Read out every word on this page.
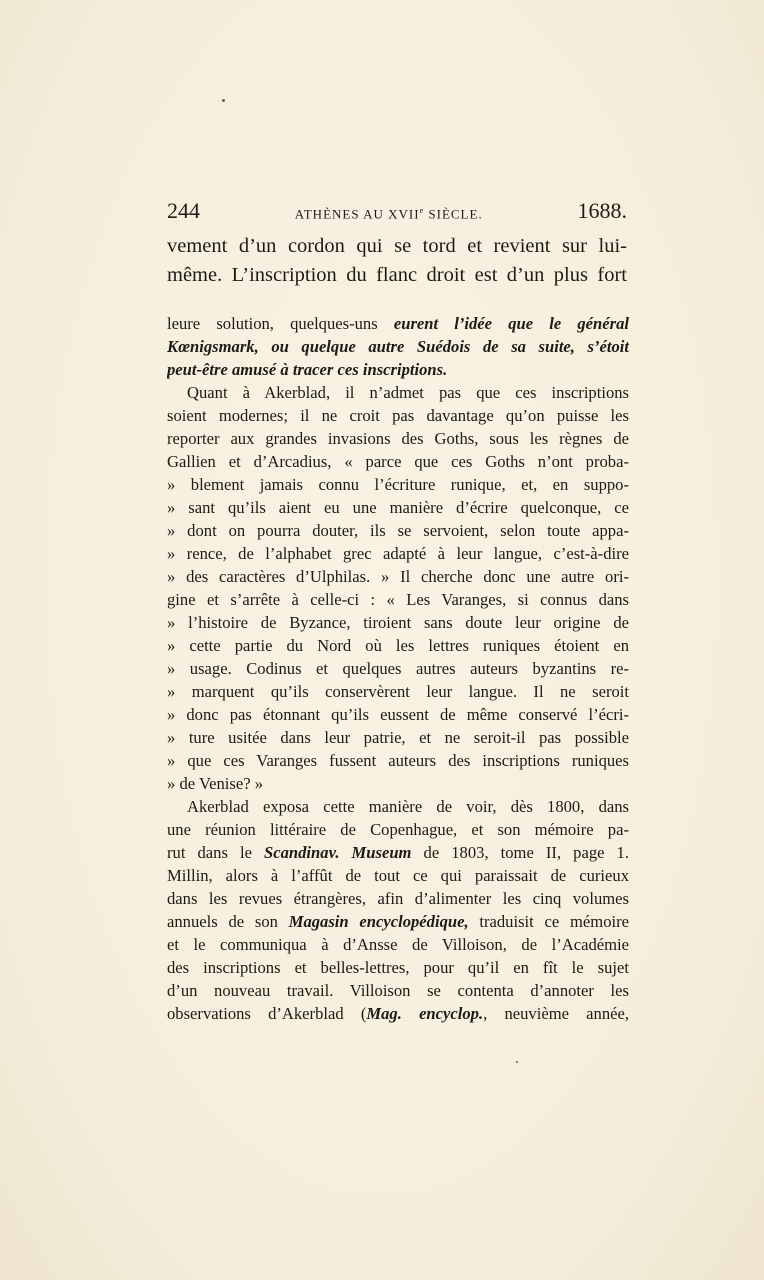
244	ATHÈNES AU XVIIe SIÈCLE.	1688.
vement d’un cordon qui se tord et revient sur lui-
même. L’inscription du flanc droit est d’un plus fort
leure solution, quelques-uns eurent l’idée que le général
Kœnigsmark, ou quelque autre Suédois de sa suite, s’étoit
peut-être amusé à tracer ces inscriptions.
Quant à Akerblad, il n’admet pas que ces inscriptions
soient modernes; il ne croit pas davantage qu’on puisse les
reporter aux grandes invasions des Goths, sous les règnes de
Gallien et d’Arcadius, « parce que ces Goths n’ont proba-
» blement jamais connu l’écriture runique, et, en suppo-
» sant qu’ils aient eu une manière d’écrire quelconque, ce
» dont on pourra douter, ils se servoient, selon toute appa-
» rence, de l’alphabet grec adapté à leur langue, c’est-à-dire
» des caractères d’Ulphilas. » Il cherche donc une autre ori-
gine et s’arrête à celle-ci : « Les Varanges, si connus dans
» l’histoire de Byzance, tiroient sans doute leur origine de
» cette partie du Nord où les lettres runiques étoient en
» usage. Codinus et quelques autres auteurs byzantins re-
» marquent qu’ils conservèrent leur langue. Il ne seroit
» donc pas étonnant qu’ils eussent de même conservé l’écri-
» ture usitée dans leur patrie, et ne seroit-il pas possible
» que ces Varanges fussent auteurs des inscriptions runiques
» de Venise? »
Akerblad exposa cette manière de voir, dès 1800, dans
une réunion littéraire de Copenhague, et son mémoire pa-
rut dans le Scandinav. Museum de 1803, tome II, page 1.
Millin, alors à l’affût de tout ce qui paraissait de curieux
dans les revues étrangères, afin d’alimenter les cinq volumes
annuels de son Magasin encyclopédique, traduisit ce mémoire
et le communiqua à d’Ansse de Villoison, de l’Académie
des inscriptions et belles-lettres, pour qu’il en fît le sujet
d’un nouveau travail. Villoison se contenta d’annoter les
observations d’Akerblad (Mag. encyclop., neuvième année,
